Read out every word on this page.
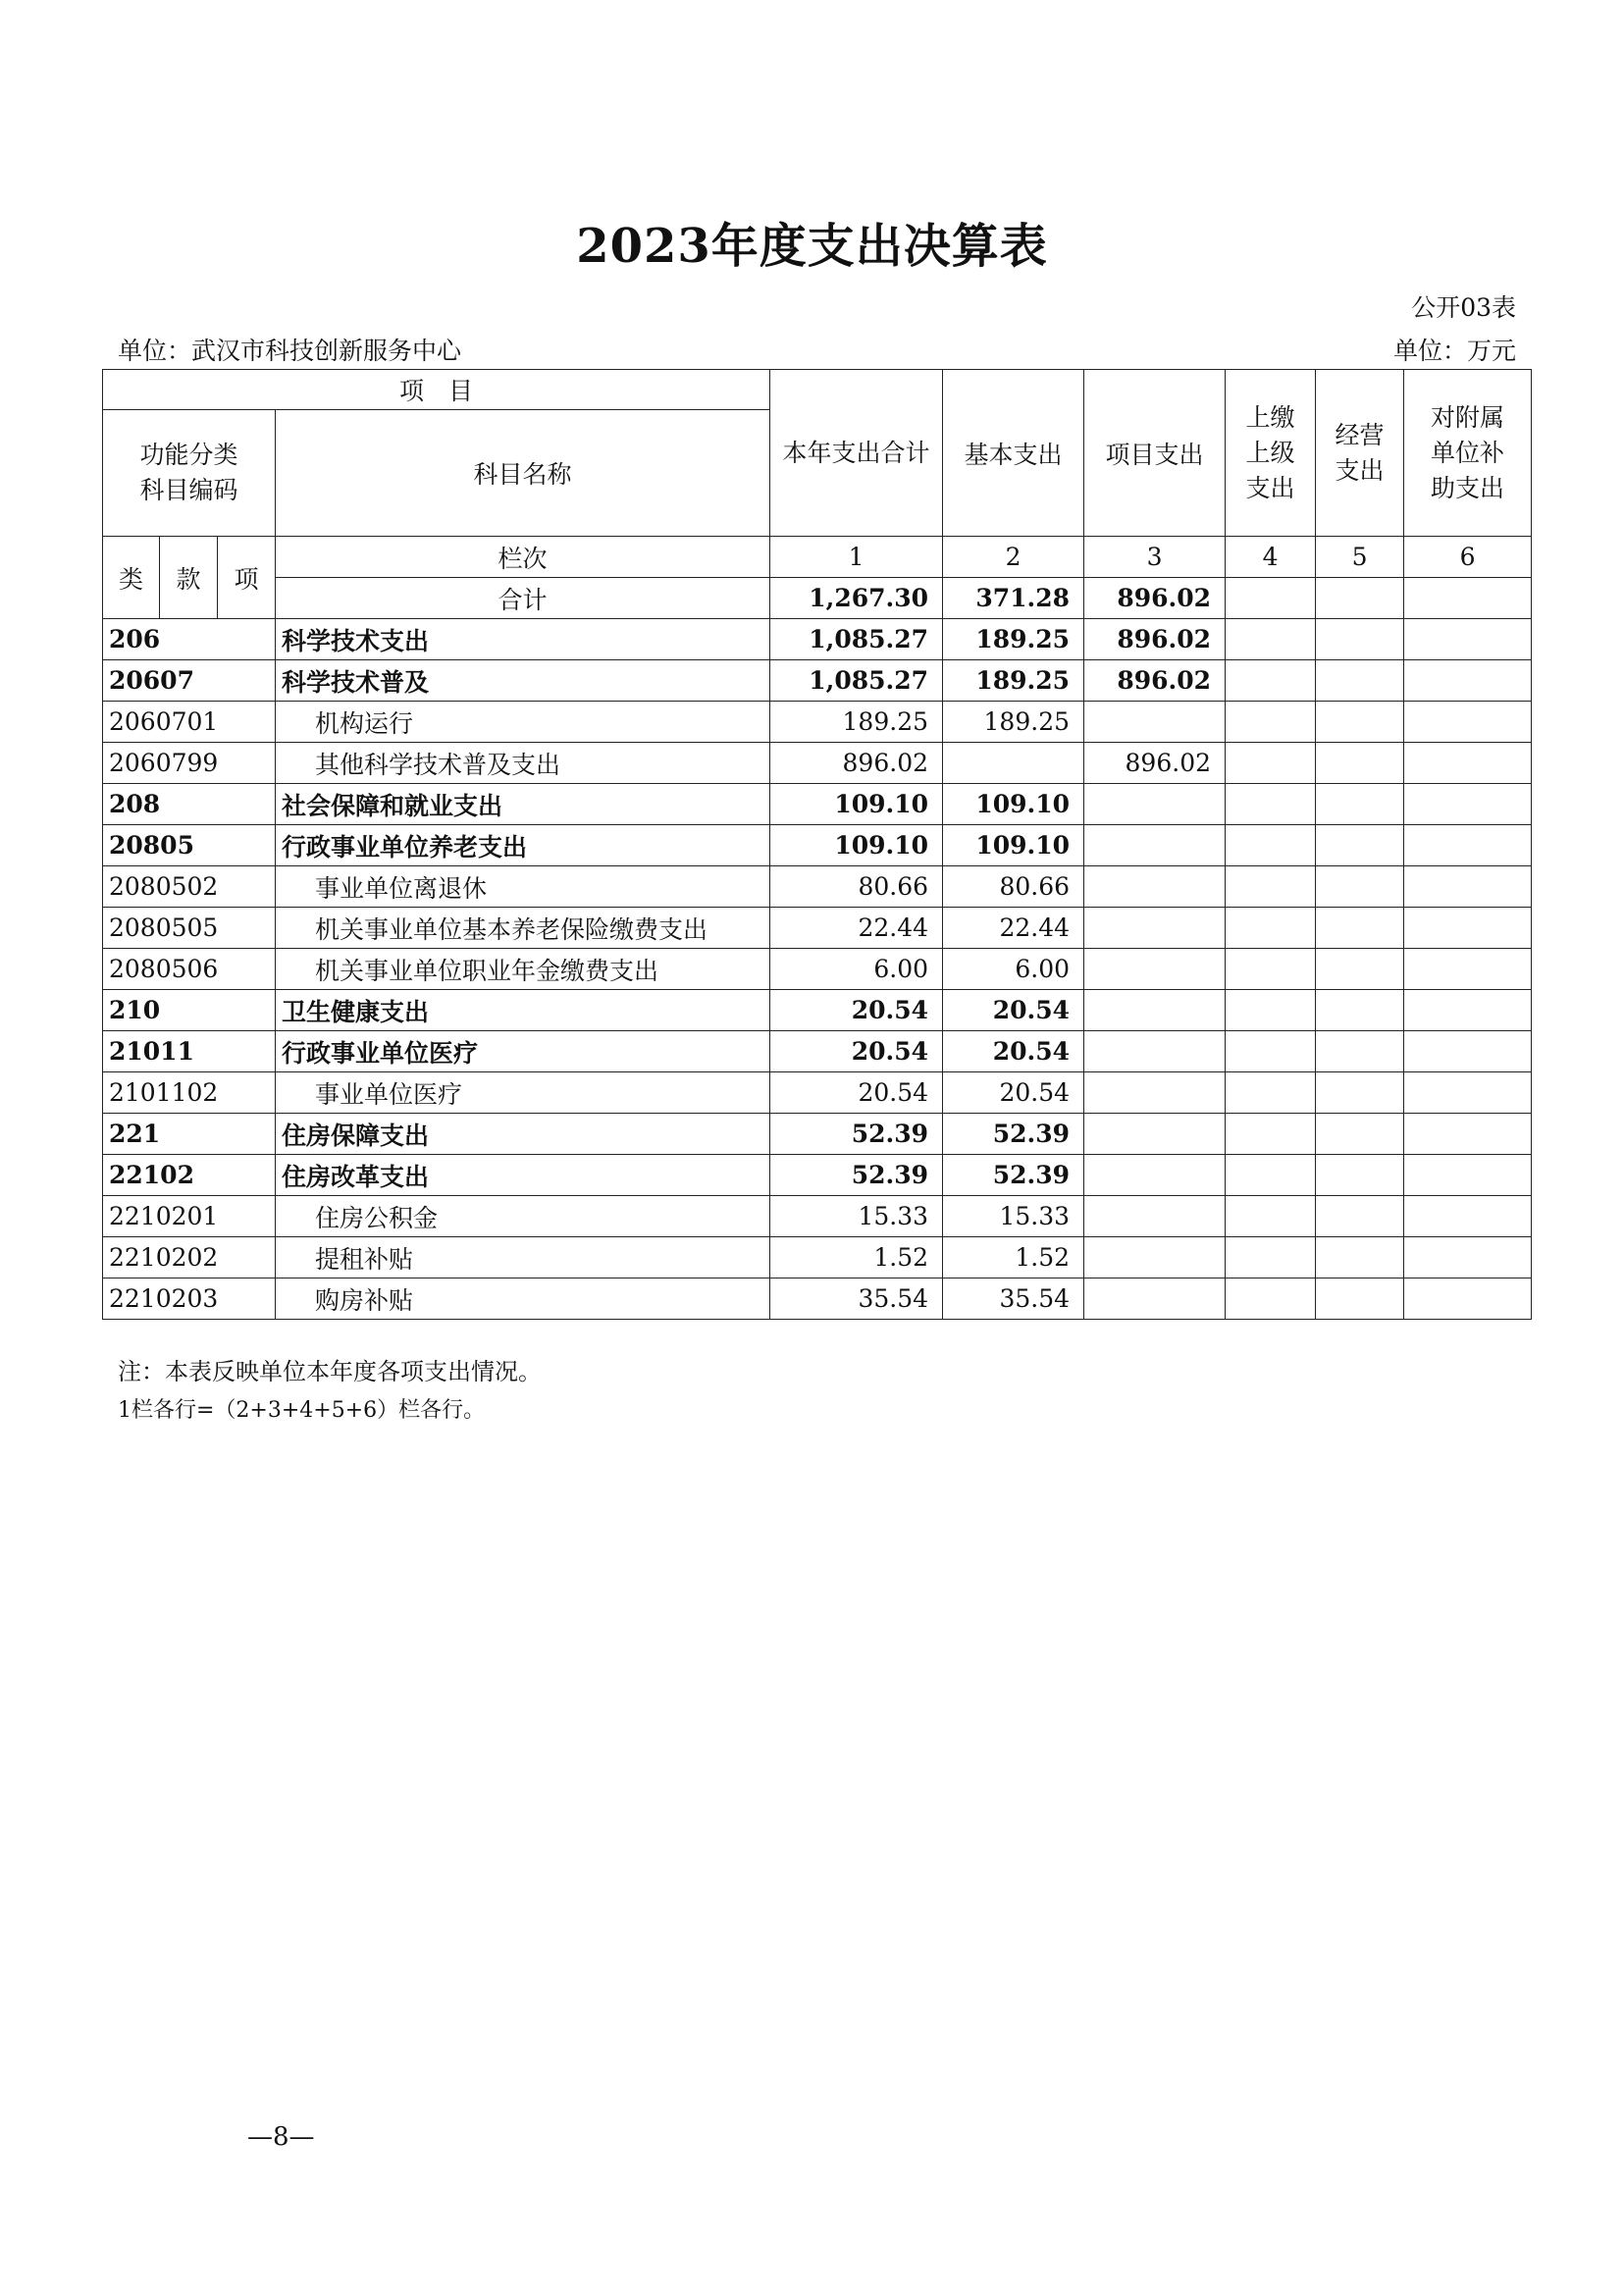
2023年度支出决算表
公开03表
单位：武汉市科技创新服务中心	单位：万元
项　目				本年支出合计	基本支出	项目支出	上缴上级支出	经营支出	对附属单位补助支出
功能分类科目编码			科目名称						
类	款	项	栏次	1	2	3	4	5	6
			合计	1,267.30	371.28	896.02			
206			科学技术支出	1,085.27	189.25	896.02			
20607			科学技术普及	1,085.27	189.25	896.02			
2060701			机构运行	189.25	189.25				
2060799			其他科学技术普及支出	896.02		896.02			
208			社会保障和就业支出	109.10	109.10				
20805			行政事业单位养老支出	109.10	109.10				
2080502			事业单位离退休	80.66	80.66				
2080505			机关事业单位基本养老保险缴费支出	22.44	22.44				
2080506			机关事业单位职业年金缴费支出	6.00	6.00				
210			卫生健康支出	20.54	20.54				
21011			行政事业单位医疗	20.54	20.54				
2101102			事业单位医疗	20.54	20.54				
221			住房保障支出	52.39	52.39				
22102			住房改革支出	52.39	52.39				
2210201			住房公积金	15.33	15.33				
2210202			提租补贴	1.52	1.52				
2210203			购房补贴	35.54	35.54				
注：本表反映单位本年度各项支出情况。
1栏各行=（2+3+4+5+6）栏各行。
—8—
